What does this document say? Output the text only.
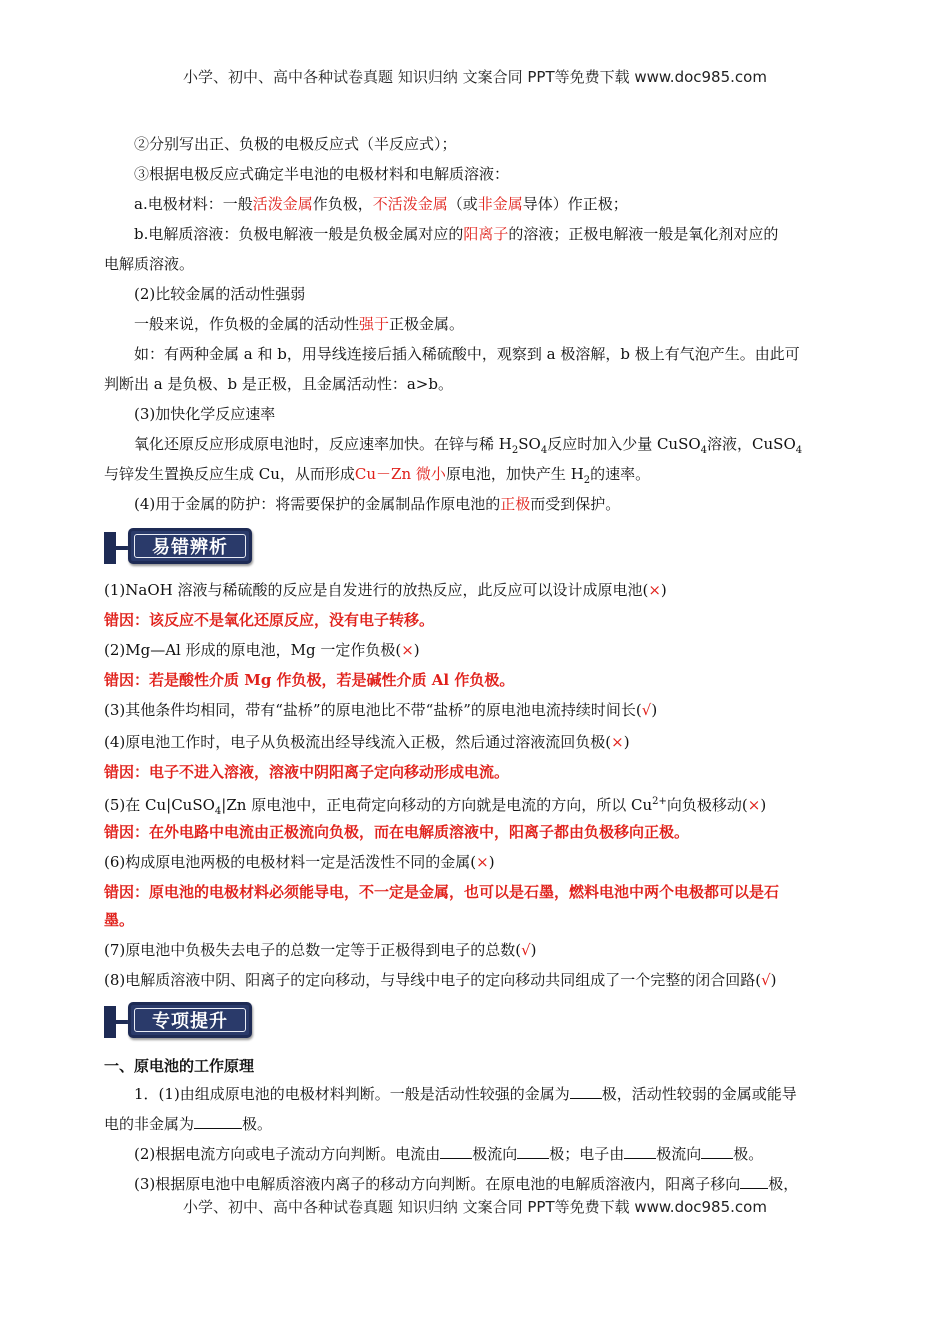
小学、初中、高中各种试卷真题 知识归纳 文案合同 PPT等免费下载 www.doc985.com
②分别写出正、负极的电极反应式（半反应式）；
③根据电极反应式确定半电池的电极材料和电解质溶液：
a.电极材料：一般活泼金属作负极，不活泼金属（或非金属导体）作正极；
b.电解质溶液：负极电解液一般是负极金属对应的阳离子的溶液；正极电解液一般是氧化剂对应的
电解质溶液。
(2)比较金属的活动性强弱
一般来说，作负极的金属的活动性强于正极金属。
如：有两种金属 a 和 b，用导线连接后插入稀硫酸中，观察到 a 极溶解，b 极上有气泡产生。由此可
判断出 a 是负极、b 是正极，且金属活动性：a>b。
(3)加快化学反应速率
氧化还原反应形成原电池时，反应速率加快。在锌与稀 $H_2SO_4$反应时加入少量 CuSO$_4$溶液，CuSO$_4$
与锌发生置换反应生成 Cu，从而形成Cu－Zn 微小原电池，加快产生 $H_2$的速率。
(4)用于金属的防护：将需要保护的金属制品作原电池的正极而受到保护。
易错辨析
(1)NaOH 溶液与稀硫酸的反应是自发进行的放热反应，此反应可以设计成原电池(×)
错因：该反应不是氧化还原反应，没有电子转移。
(2)Mg—Al 形成的原电池，Mg 一定作负极(×)
错因：若是酸性介质 Mg 作负极，若是碱性介质 Al 作负极。
(3)其他条件均相同，带有“盐桥”的原电池比不带“盐桥”的原电池电流持续时间长(√)
(4)原电池工作时，电子从负极流出经导线流入正极，然后通过溶液流回负极(×)
错因：电子不进入溶液，溶液中阴阳离子定向移动形成电流。
(5)在 Cu|CuSO$_4$|Zn 原电池中，正电荷定向移动的方向就是电流的方向，所以 $Cu^{2+}$向负极移动(×)
错因：在外电路中电流由正极流向负极，而在电解质溶液中，阳离子都由负极移向正极。
(6)构成原电池两极的电极材料一定是活泼性不同的金属(×)
错因：原电池的电极材料必须能导电，不一定是金属，也可以是石墨，燃料电池中两个电极都可以是石
墨。
(7)原电池中负极失去电子的总数一定等于正极得到电子的总数(√)
(8)电解质溶液中阴、阳离子的定向移动，与导线中电子的定向移动共同组成了一个完整的闭合回路(√)
专项提升
一、原电池的工作原理
1．(1)由组成原电池的电极材料判断。一般是活动性较强的金属为 极，活动性较弱的金属或能导
电的非金属为	极。
(2)根据电流方向或电子流动方向判断。电流由 极流向 极；电子由 极流向 极。
(3)根据原电池中电解质溶液内离子的移动方向判断。在原电池的电解质溶液内，阳离子移向 极，
小学、初中、高中各种试卷真题 知识归纳 文案合同 PPT等免费下载 www.doc985.com
